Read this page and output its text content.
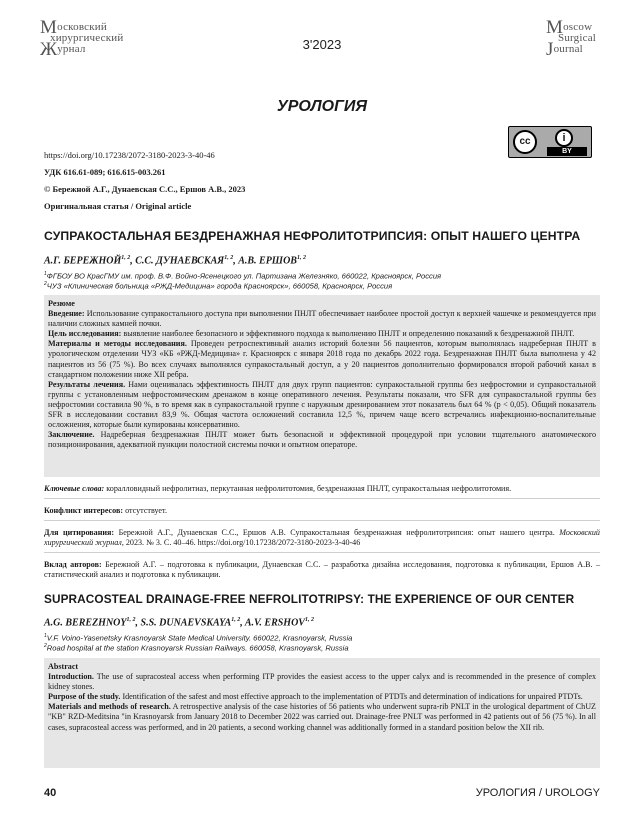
Московский
хирургический
Журнал	3'2023
Moscow
Surgical
Journal
УРОЛОГИЯ
cc	i
BY
https://doi.org/10.17238/2072-3180-2023-3-40-46
УДК 616.61-089; 616.615-003.261
© Бережной А.Г., Дунаевская С.С., Ершов А.В., 2023
Оригинальная статья / Original article
СУПРАКОСТАЛЬНАЯ БЕЗДРЕНАЖНАЯ НЕФРОЛИТОТРИПСИЯ: ОПЫТ НАШЕГО ЦЕНТРА
А.Г. БЕРЕЖНОЙ$^{1, 2}$, С.С. ДУНАЕВСКАЯ$^{1, 2}$, А.В. ЕРШОВ$^{1, 2}$
$^1$ФГБОУ ВО КрасГМУ им. проф. В.Ф. Войно-Ясенецкого ул. Партизана Железняко, 660022, Красноярск, Россия
$^2$ЧУЗ «Клиническая больница «РЖД-Медицина» города Красноярск», 660058, Красноярск, Россия

Резюме

Введение: Использование супракостального доступа при выполнении ПНЛТ обеспечивает наиболее простой доступ к верхней чашечке и рекомендуется при наличии сложных камней почки.

Цель исследования: выявление наиболее безопасного и эффективного подхода к выполнению ПНЛТ и определению показаний к бездренажной ПНЛТ.

Материалы и методы исследования. Проведен ретроспективный анализ историй болезни 56 пациентов, которым выполнялась надреберная ПНЛТ в урологическом отделении ЧУЗ «КБ «РЖД-Медицина» г. Красноярск с января 2018 года по декабрь 2022 года. Бездренажная ПНЛТ была выполнена у 42 пациентов из 56 (75 %). Во всех случаях выполнялся супракостальный доступ, а у 20 пациентов дополнительно формировался второй рабочий канал в стандартном положении ниже XII ребра.

Результаты лечения. Нами оценивалась эффективность ПНЛТ для двух групп пациентов: супракостальной группы без нефростомии и супракостальной группы с установленным нефростомическим дренажом в конце оперативного лечения. Результаты показали, что SFR для супракостальной группы без нефростомии составила 90 %, в то время как в супракостальной группе с наружным дренированием этот показатель был 64 % (p < 0,05). Общий показатель SFR в исследовании составил 83,9 %. Общая частота осложнений составила 12,5 %, причем чаще всего встречались инфекционно-воспалительные осложнения, которые были купированы консервативно.

Заключение. Надреберная бездренажная ПНЛТ может быть безопасной и эффективной процедурой при условии тщательного анатомического позиционирования, адекватной пункции полостной системы почки и опытном операторе.

Ключевые слова: коралловидный нефролитиаз, перкутанная нефролитотомия, бездренажная ПНЛТ, супракостальная нефролитотомия.

Конфликт интересов: отсутствует.

Для цитирования: Бережной А.Г., Дунаевская С.С., Ершов А.В. Супракостальная бездренажная нефролитотрипсия: опыт нашего центра. Московский хирургический журнал, 2023. № 3. С. 40–46. https://doi.org/10.17238/2072-3180-2023-3-40-46

Вклад авторов: Бережной А.Г. – подготовка к публикации, Дунаевская С.С. – разработка дизайна исследования, подготовка к публикации, Ершов А.В. – статистический анализ и подготовка к публикации.

SUPRACOSTEAL DRAINAGE-FREE NEFROLITOTRIPSY: THE EXPERIENCE OF OUR CENTER
A.G. BEREZHNOY$^{1, 2}$, S.S. DUNAEVSKAYA$^{1, 2}$, A.V. ERSHOV$^{1, 2}$
$^1$V.F. Voino-Yasenetsky Krasnoyarsk State Medical University. 660022, Krasnoyarsk, Russia
$^2$Road hospital at the station Krasnoyarsk Russian Railways. 660058, Krasnoyarsk, Russia

Abstract

Introduction. The use of supracosteal access when performing ITP provides the easiest access to the upper calyx and is recommended in the presence of complex kidney stones.

Purpose of the study. Identification of the safest and most effective approach to the implementation of PTDTs and determination of indications for unpaired PTDTs.

Materials and methods of research. A retrospective analysis of the case histories of 56 patients who underwent supra-rib PNLT in the urological department of ChUZ "KB" RZD-Meditsina "in Krasnoyarsk from January 2018 to December 2022 was carried out. Drainage-free PNLT was performed in 42 patients out of 56 (75 %). In all cases, supracosteal access was performed, and in 20 patients, a second working channel was additionally formed in a standard position below the XII rib.

40	УРОЛОГИЯ / UROLOGY
